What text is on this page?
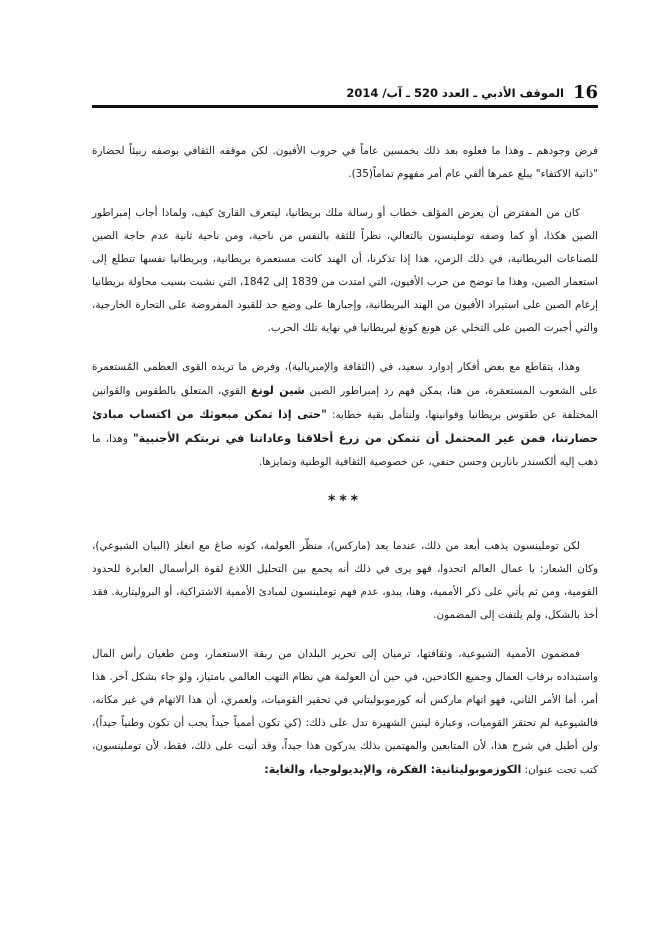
16
الموقف الأدبي ـ العدد 520 ـ آب/ 2014

فرض وجودهم ـ وهذا ما فعلوه بعد ذلك بخمسين عاماً في حروب الأفيون. لكن موقفه الثقافي بوصفه ربيئاً لحضارة "ذاتية الاكتفاء" يبلغ عمرها ألفي عام أمر مفهوم تماماً(35).

كان من المفترض أن يعرض المؤلف خطاب أو رسالة ملك بريطانيا، ليتعرف القارئ كيف، ولماذا أجاب إمبراطور الصين هكذا، أو كما وصفه توملينسون بالتعالي، نظراً للثقة بالنفس من ناحية، ومن ناحية ثانية عدم حاجة الصين للصناعات البريطانية، في ذلك الزمن، هذا إذا تذكرنا، أن الهند كانت مستعمرة بريطانية، وبريطانيا نفسها تتطلع إلى استعمار الصين، وهذا ما توضح من حرب الأفيون، التي امتدت من 1839 إلى 1842، التي نشبت بسبب محاولة بريطانيا إرغام الصين على استيراد الأفيون من الهند البريطانية، وإجبارها على وضع حد للقيود المفروضة على التجارة الخارجية، والتي أجبرت الصين على التخلي عن هونغ كونغ لبريطانيا في نهاية تلك الحرب.

وهذا، يتقاطع مع بعض أفكار إدوارد سعيد، في (الثقافة والإمبريالية)، وفرض ما تريده القوى العظمى المُستعمرة على الشعوب المستعمَرة، من هنا، يمكن فهم رد إمبراطور الصين شين لونغ القوي، المتعلق بالطقوس والقوانين المختلفة عن طقوس بريطانيا وقوانينها، ولنتأمل بقية خطابه: "حتى إذا تمكن مبعوثك من اكتساب مبادئ حضارتنا، فمن غير المحتمل أن تتمكن من زرع أخلاقنا وعاداتنا في تربتكم الأجنبية" وهذا، ما ذهب إليه ألكسندر بانارين وحسن حنفي، عن خصوصية الثقافية الوطنية وتمايزها.

***

لكن توملينسون يذهب أبعد من ذلك، عندما يعد (ماركس)، منظّر العولمة، كونه صاغ مع انغلز (البيان الشيوعي)، وكان الشعار: يا عمال العالم اتحدوا، فهو يرى في ذلك أنه يجمع بين التحليل اللاذع لقوة الرأسمال العابرة للحدود القومية، ومن ثم يأتي على ذكر الأممية، وهنا، يبدو، عدم فهم توملينسون لمبادئ الأممية الاشتراكية، أو البروليتارية. فقد أخذ بالشكل، ولم يلتفت إلى المضمون.

فمضمون الأممية الشيوعية، وثقافتها، ترميان إلى تحرير البلدان من ربقة الاستعمار، ومن طغيان رأس المال واستبداده برقاب العمال وجميع الكادحين، في حين أن العولمة هي نظام النهب العالمي بامتياز، ولو جاء بشكل آخر. هذا أمر، أما الأمر الثاني، فهو اتهام ماركس أنه كوزموبوليتاني في تحقير القوميات، ولعمري، أن هذا الاتهام في غير مكانه، فالشيوعية لم تحتقر القوميات، وعبارة لينين الشهيرة تدل على ذلك: (كي تكون أممياً جيداً يجب أن تكون وطنياً جيداً)، ولن أطيل في شرح هذا، لأن المتابعين والمهتمين بذلك يدركون هذا جيداً، وقد أتيت على ذلك، فقط، لأن توملينسون، كتب تحت عنوان: الكوزموبوليتانية: الفكرة، والإيديولوجيا، والغاية:
